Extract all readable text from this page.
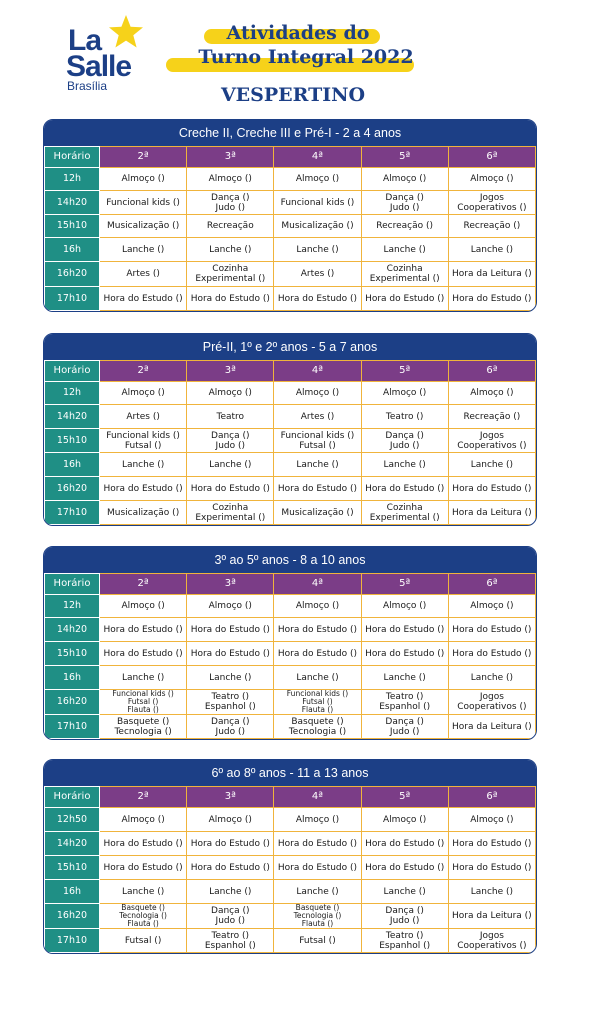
La
Salle
Brasília
Atividades do
Turno Integral 2022
VESPERTINO
Creche II, Creche III e Pré-I - 2 a 4 anos
Horário	2ª	3ª	4ª	5ª	6ª
12h	Almoço ()	Almoço ()	Almoço ()	Almoço ()	Almoço ()
14h20	Funcional kids ()	Dança ()
Judo ()	Funcional kids ()	Dança ()
Judo ()	Jogos
Cooperativos ()
15h10	Musicalização ()	Recreação	Musicalização ()	Recreação ()	Recreação ()
16h	Lanche ()	Lanche ()	Lanche ()	Lanche ()	Lanche ()
16h20	Artes ()	Cozinha
Experimental ()	Artes ()	Cozinha
Experimental ()	Hora da Leitura ()
17h10	Hora do Estudo ()	Hora do Estudo ()	Hora do Estudo ()	Hora do Estudo ()	Hora do Estudo ()
Pré-II, 1º e 2º anos - 5 a 7 anos
Horário	2ª	3ª	4ª	5ª	6ª
12h	Almoço ()	Almoço ()	Almoço ()	Almoço ()	Almoço ()
14h20	Artes ()	Teatro	Artes ()	Teatro ()	Recreação ()
15h10	Funcional kids ()
Futsal ()	Dança ()
Judo ()	Funcional kids ()
Futsal ()	Dança ()
Judo ()	Jogos
Cooperativos ()
16h	Lanche ()	Lanche ()	Lanche ()	Lanche ()	Lanche ()
16h20	Hora do Estudo ()	Hora do Estudo ()	Hora do Estudo ()	Hora do Estudo ()	Hora do Estudo ()
17h10	Musicalização ()	Cozinha
Experimental ()	Musicalização ()	Cozinha
Experimental ()	Hora da Leitura ()
3º ao 5º anos - 8 a 10 anos
Horário	2ª	3ª	4ª	5ª	6ª
12h	Almoço ()	Almoço ()	Almoço ()	Almoço ()	Almoço ()
14h20	Hora do Estudo ()	Hora do Estudo ()	Hora do Estudo ()	Hora do Estudo ()	Hora do Estudo ()
15h10	Hora do Estudo ()	Hora do Estudo ()	Hora do Estudo ()	Hora do Estudo ()	Hora do Estudo ()
16h	Lanche ()	Lanche ()	Lanche ()	Lanche ()	Lanche ()
16h20	Funcional kids ()
Futsal ()
Flauta ()	Teatro ()
Espanhol ()	Funcional kids ()
Futsal ()
Flauta ()	Teatro ()
Espanhol ()	Jogos
Cooperativos ()
17h10	Basquete ()
Tecnologia ()	Dança ()
Judo ()	Basquete ()
Tecnologia ()	Dança ()
Judo ()	Hora da Leitura ()
6º ao 8º anos - 11 a 13 anos
Horário	2ª	3ª	4ª	5ª	6ª
12h50	Almoço ()	Almoço ()	Almoço ()	Almoço ()	Almoço ()
14h20	Hora do Estudo ()	Hora do Estudo ()	Hora do Estudo ()	Hora do Estudo ()	Hora do Estudo ()
15h10	Hora do Estudo ()	Hora do Estudo ()	Hora do Estudo ()	Hora do Estudo ()	Hora do Estudo ()
16h	Lanche ()	Lanche ()	Lanche ()	Lanche ()	Lanche ()
16h20	Basquete ()
Tecnologia ()
Flauta ()	Dança ()
Judo ()	Basquete ()
Tecnologia ()
Flauta ()	Dança ()
Judo ()	Hora da Leitura ()
17h10	Futsal ()	Teatro ()
Espanhol ()	Futsal ()	Teatro ()
Espanhol ()	Jogos
Cooperativos ()
